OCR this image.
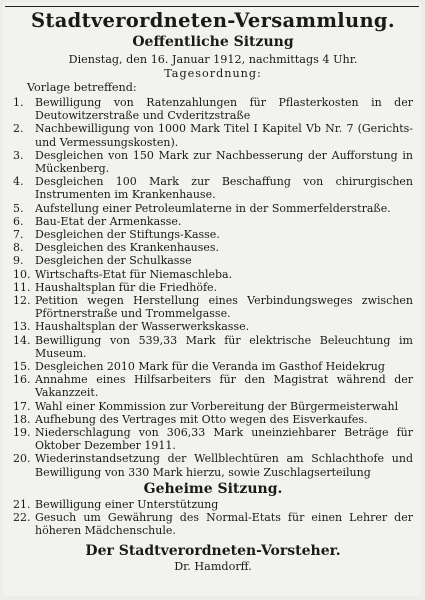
Stadtverordneten-Versammlung.
Oeffentliche Sitzung
Dienstag, den 16. Januar 1912, nachmittags 4 Uhr.
Tagesordnung:
Vorlage betreffend:
1.	Bewilligung von Ratenzahlungen für Pflasterkosten in der Deutowitzerstraße und Cvderitzstraße
2.	Nachbewilligung von 1000 Mark Titel I Kapitel Vb Nr. 7 (Gerichts- und Vermessungskosten).
3.	Desgleichen von 150 Mark zur Nachbesserung der Aufforstung in Mückenberg.
4.	Desgleichen 100 Mark zur Beschaffung von chirurgischen Instrumenten im Krankenhause.
5.	Aufstellung einer Petroleumlaterne in der Sommerfelderstraße.
6.	Bau-Etat der Armenkasse.
7.	Desgleichen der Stiftungs-Kasse.
8.	Desgleichen des Krankenhauses.
9.	Desgleichen der Schulkasse
10. Wirtschafts-Etat für Niemaschleba.
11. Haushaltsplan für die Friedhöfe.
12. Petition wegen Herstellung eines Verbindungsweges zwischen Pförtnerstraße und Trommelgasse.
13. Haushaltsplan der Wasserwerkskasse.
14. Bewilligung von 539,33 Mark für elektrische Beleuchtung im Museum.
15. Desgleichen 2010 Mark für die Veranda im Gasthof Heidekrug
16. Annahme eines Hilfsarbeiters für den Magistrat während der Vakanzzeit.
17. Wahl einer Kommission zur Vorbereitung der Bürgermeisterwahl
18. Aufhebung des Vertrages mit Otto wegen des Eisverkaufes.
19. Niederschlagung von 306,33 Mark uneinziehbarer Beträge für Oktober Dezember 1911.
20. Wiederinstandsetzung der Wellblechtüren am Schlachthofe und Bewilligung von 330 Mark hierzu, sowie Zuschlagserteilung
Geheime Sitzung.
21. Bewilligung einer Unterstützung
22. Gesuch um Gewährung des Normal-Etats für einen Lehrer der höheren Mädchenschule.
Der Stadtverordneten-Vorsteher.
Dr. Hamdorff.
